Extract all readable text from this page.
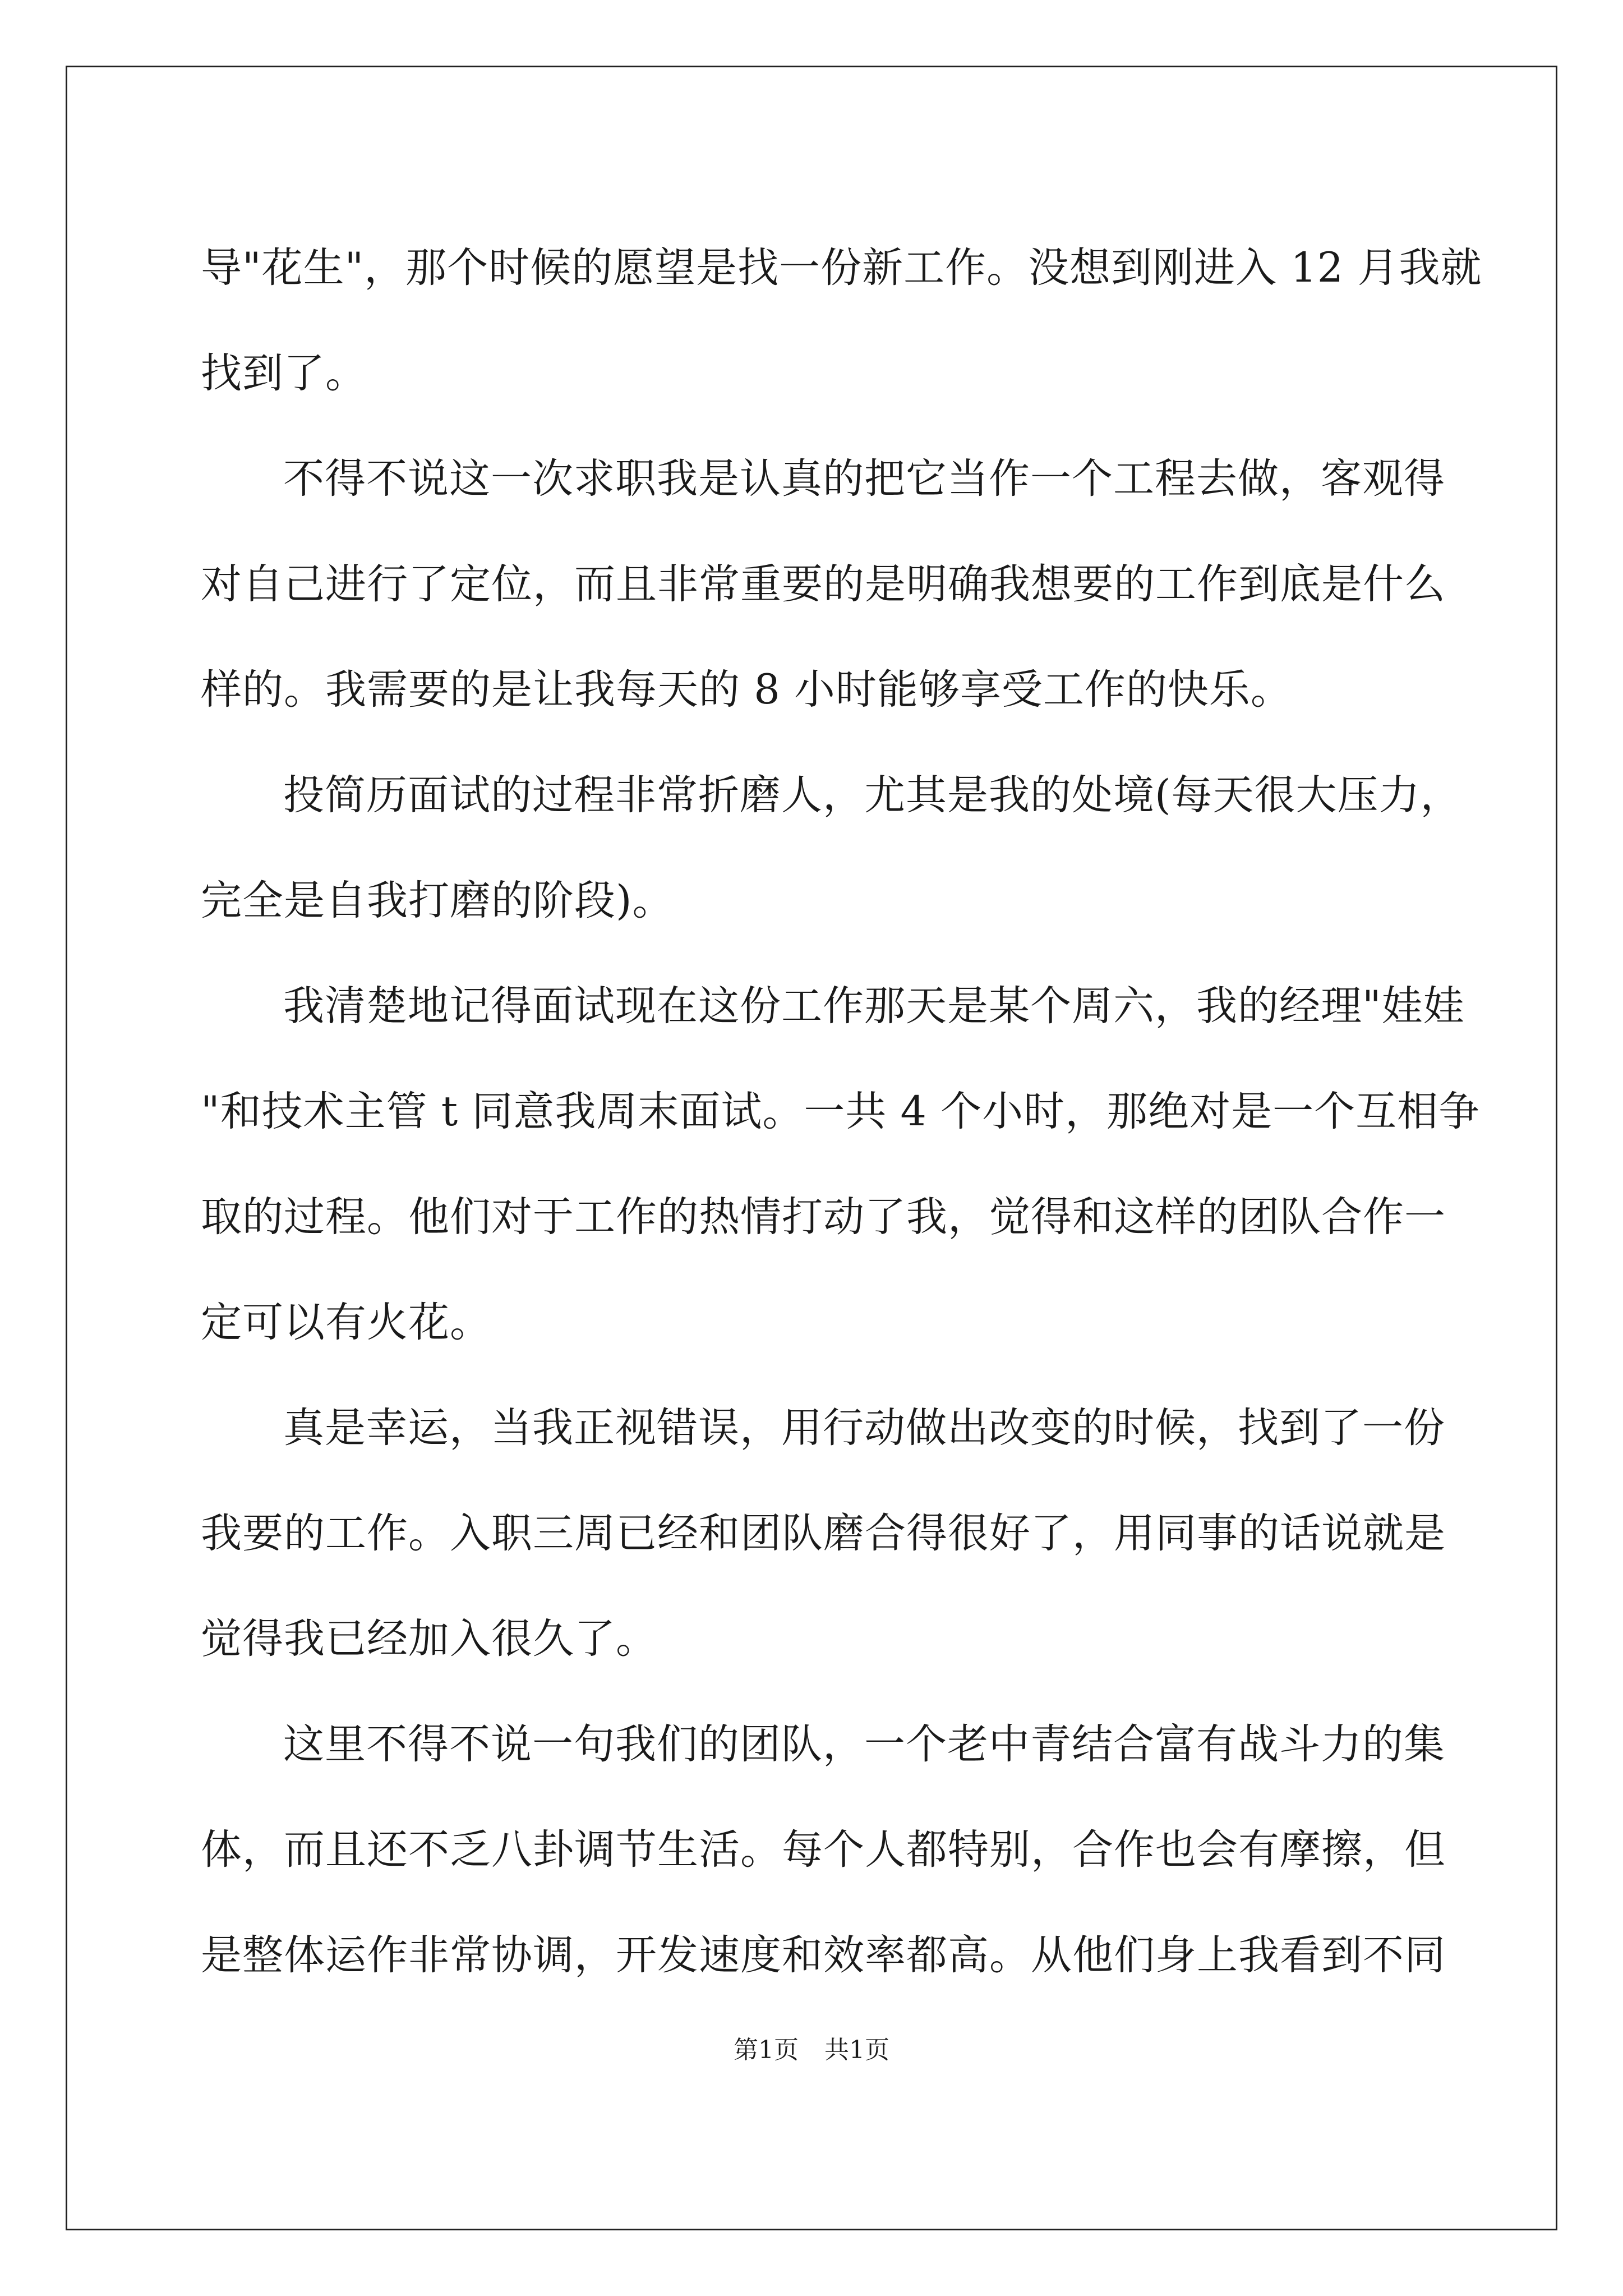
导"花生"，那个时候的愿望是找一份新工作。没想到刚进入 12 月我就
找到了。
不得不说这一次求职我是认真的把它当作一个工程去做，客观得
对自己进行了定位，而且非常重要的是明确我想要的工作到底是什么
样的。我需要的是让我每天的 8 小时能够享受工作的快乐。
投简历面试的过程非常折磨人，尤其是我的处境(每天很大压力，
完全是自我打磨的阶段)。
我清楚地记得面试现在这份工作那天是某个周六，我的经理"娃娃
"和技术主管 t 同意我周末面试。一共 4 个小时，那绝对是一个互相争
取的过程。他们对于工作的热情打动了我，觉得和这样的团队合作一
定可以有火花。
真是幸运，当我正视错误，用行动做出改变的时候，找到了一份
我要的工作。入职三周已经和团队磨合得很好了，用同事的话说就是
觉得我已经加入很久了。
这里不得不说一句我们的团队，一个老中青结合富有战斗力的集
体，而且还不乏八卦调节生活。每个人都特别，合作也会有摩擦，但
是整体运作非常协调，开发速度和效率都高。从他们身上我看到不同
第1页 共1页
